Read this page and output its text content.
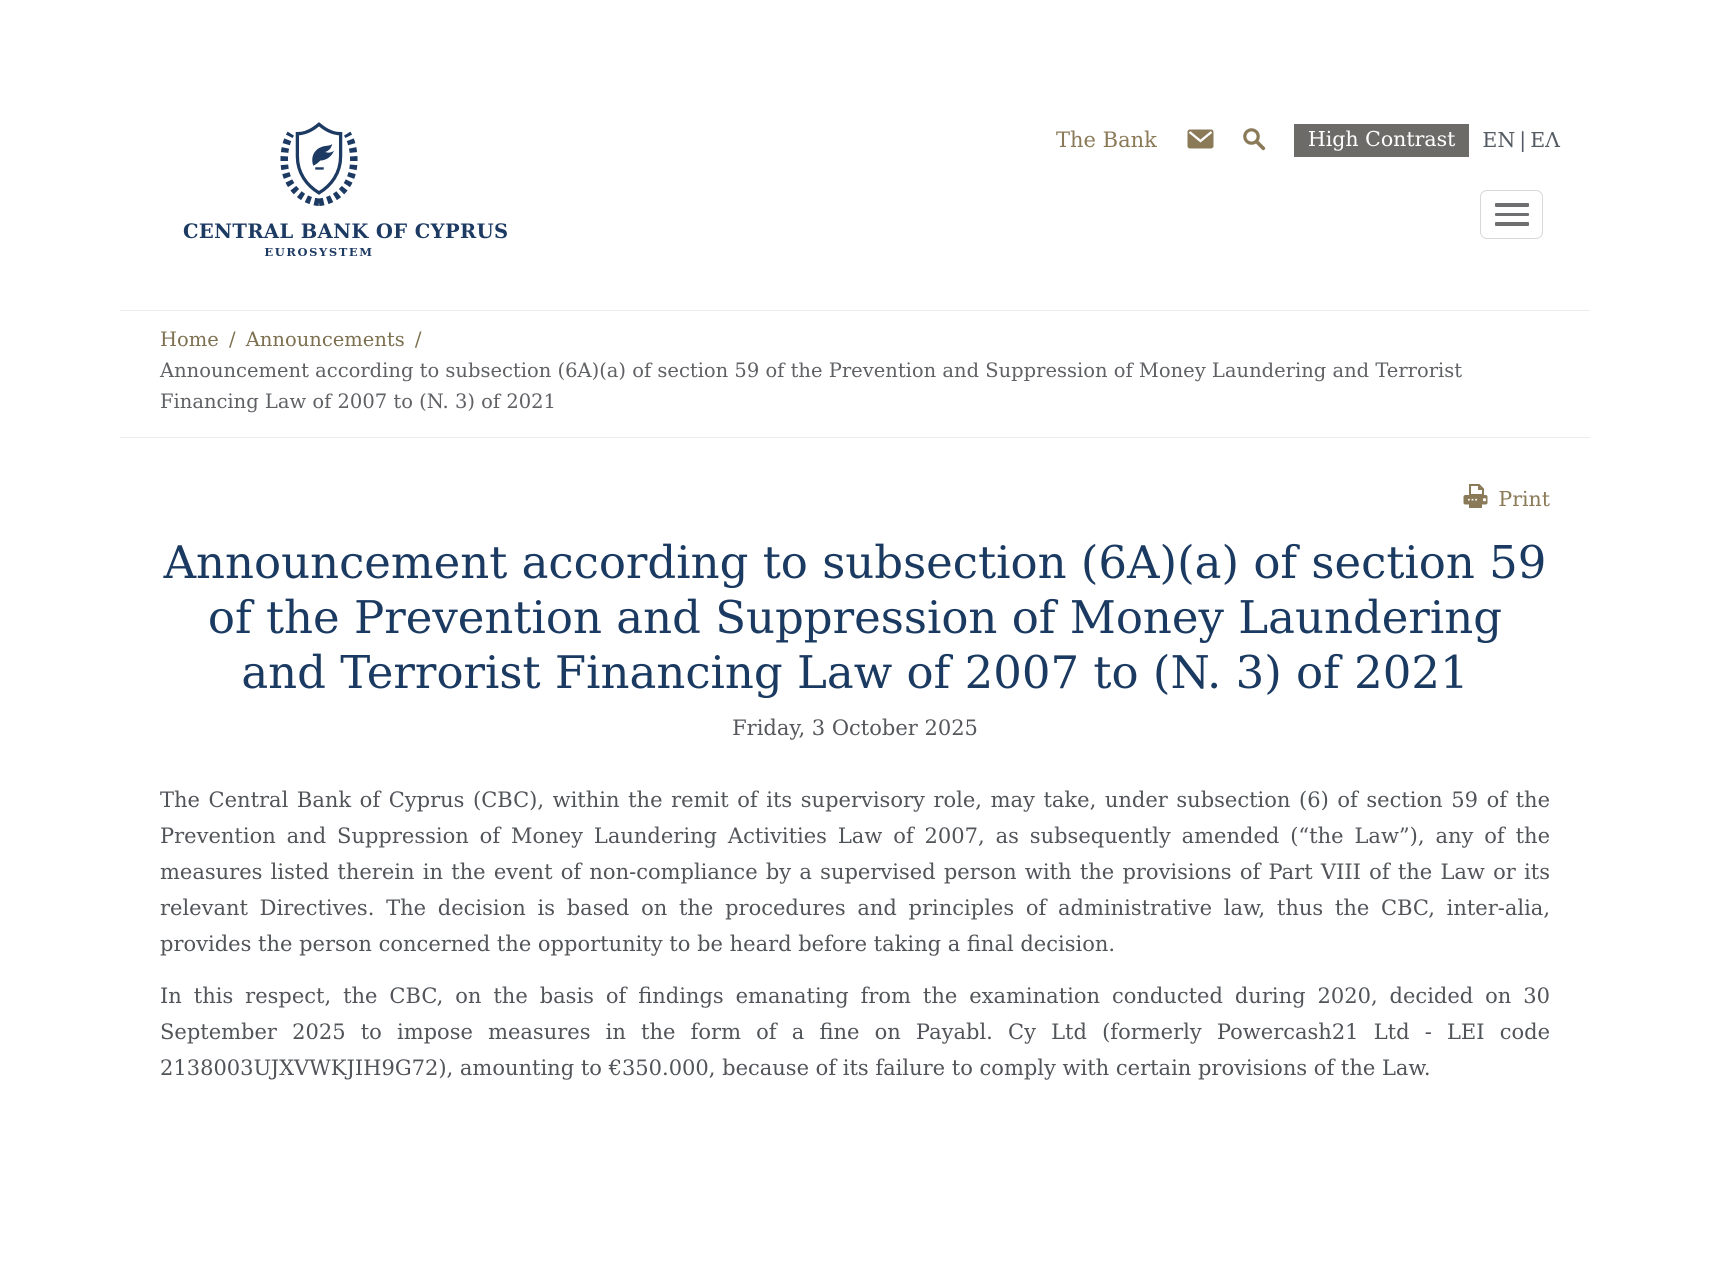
CENTRAL BANK OF CYPRUS
EUROSYSTEM
The Bank	High Contrast	EN | ΕΛ
Home / Announcements /
Announcement according to subsection (6A)(a) of section 59 of the Prevention and Suppression of Money Laundering and Terrorist Financing Law of 2007 to (N. 3) of 2021
Print
Announcement according to subsection (6A)(a) of section 59 of the Prevention and Suppression of Money Laundering and Terrorist Financing Law of 2007 to (N. 3) of 2021
Friday, 3 October 2025

The Central Bank of Cyprus (CBC), within the remit of its supervisory role, may take, under subsection (6) of section 59 of the Prevention and Suppression of Money Laundering Activities Law of 2007, as subsequently amended (“the Law”), any of the measures listed therein in the event of non-compliance by a supervised person with the provisions of Part VIII of the Law or its relevant Directives. The decision is based on the procedures and principles of administrative law, thus the CBC, inter-alia, provides the person concerned the opportunity to be heard before taking a final decision.

In this respect, the CBC, on the basis of findings emanating from the examination conducted during 2020, decided on 30 September 2025 to impose measures in the form of a fine on Payabl. Cy Ltd (formerly Powercash21 Ltd - LEI code 2138003UJXVWKJIH9G72), amounting to €350.000, because of its failure to comply with certain provisions of the Law.
